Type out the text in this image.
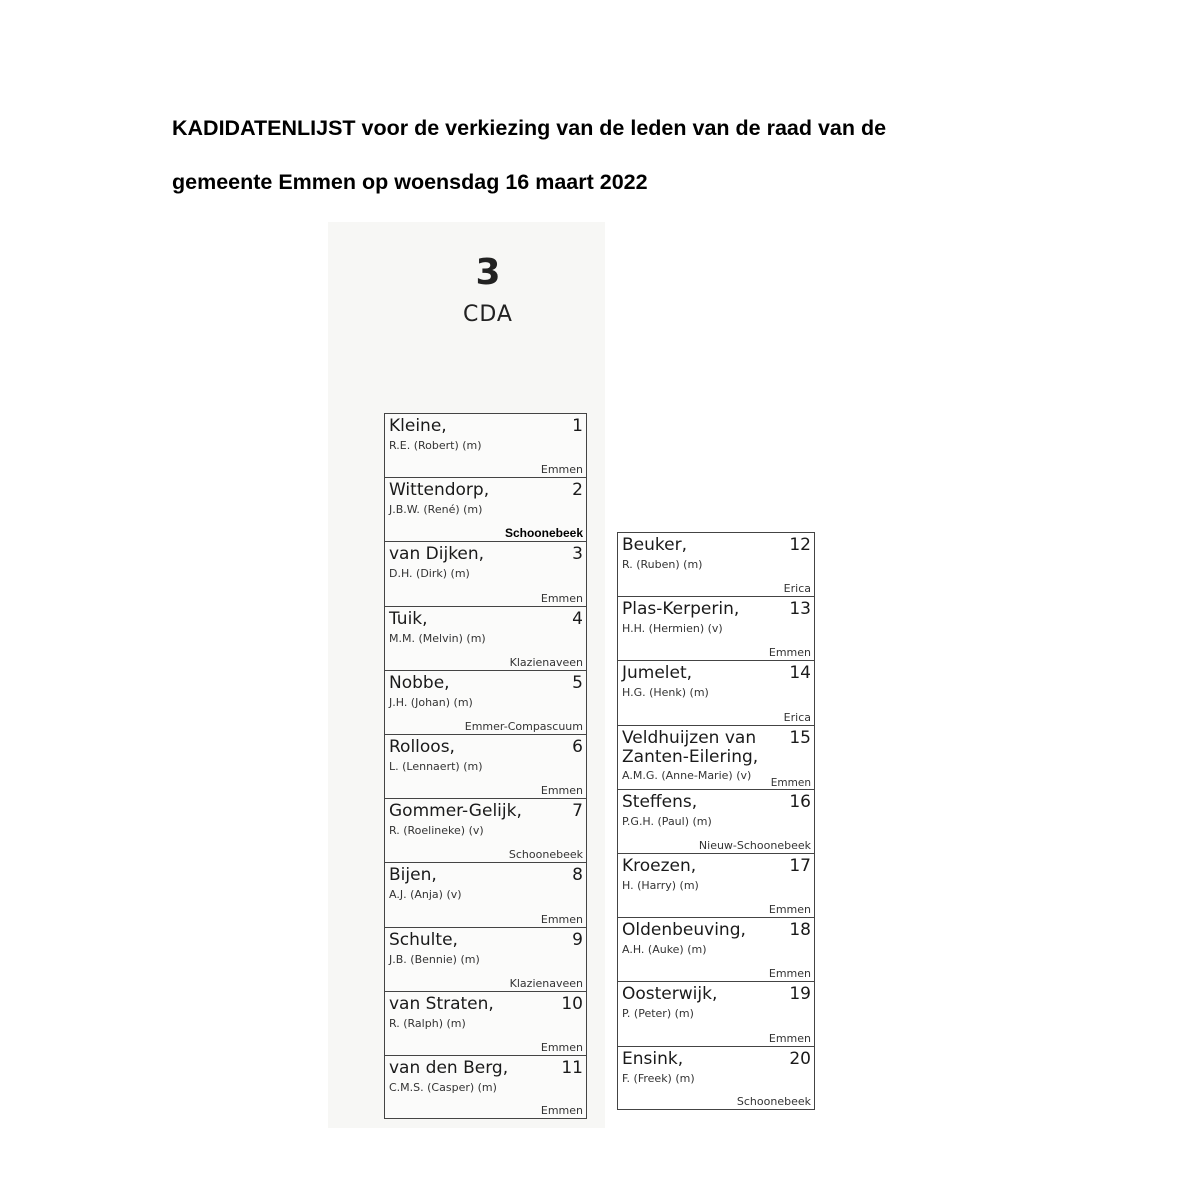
KADIDATENLIJST voor de verkiezing van de leden van de raad van de
gemeente Emmen op woensdag 16 maart 2022
3
CDA
Kleine,	1
R.E. (Robert) (m)
Emmen
Wittendorp,	2
J.B.W. (René) (m)
Schoonebeek
van Dijken,	3
D.H. (Dirk) (m)
Emmen
Tuik,	4
M.M. (Melvin) (m)
Klazienaveen
Nobbe,	5
J.H. (Johan) (m)
Emmer-Compascuum
Rolloos,	6
L. (Lennaert) (m)
Emmen
Gommer-Gelijk,	7
R. (Roelineke) (v)
Schoonebeek
Bijen,	8
A.J. (Anja) (v)
Emmen
Schulte,	9
J.B. (Bennie) (m)
Klazienaveen
van Straten,	10
R. (Ralph) (m)
Emmen
van den Berg,	11
C.M.S. (Casper) (m)
Emmen
Beuker,	12
R. (Ruben) (m)
Erica
Plas-Kerperin,	13
H.H. (Hermien) (v)
Emmen
Jumelet,	14
H.G. (Henk) (m)
Erica
Veldhuijzen van
Zanten-Eilering,
15
A.M.G. (Anne-Marie) (v)
Emmen
Steffens,	16
P.G.H. (Paul) (m)
Nieuw-Schoonebeek
Kroezen,	17
H. (Harry) (m)
Emmen
Oldenbeuving,	18
A.H. (Auke) (m)
Emmen
Oosterwijk,	19
P. (Peter) (m)
Emmen
Ensink,	20
F. (Freek) (m)
Schoonebeek
